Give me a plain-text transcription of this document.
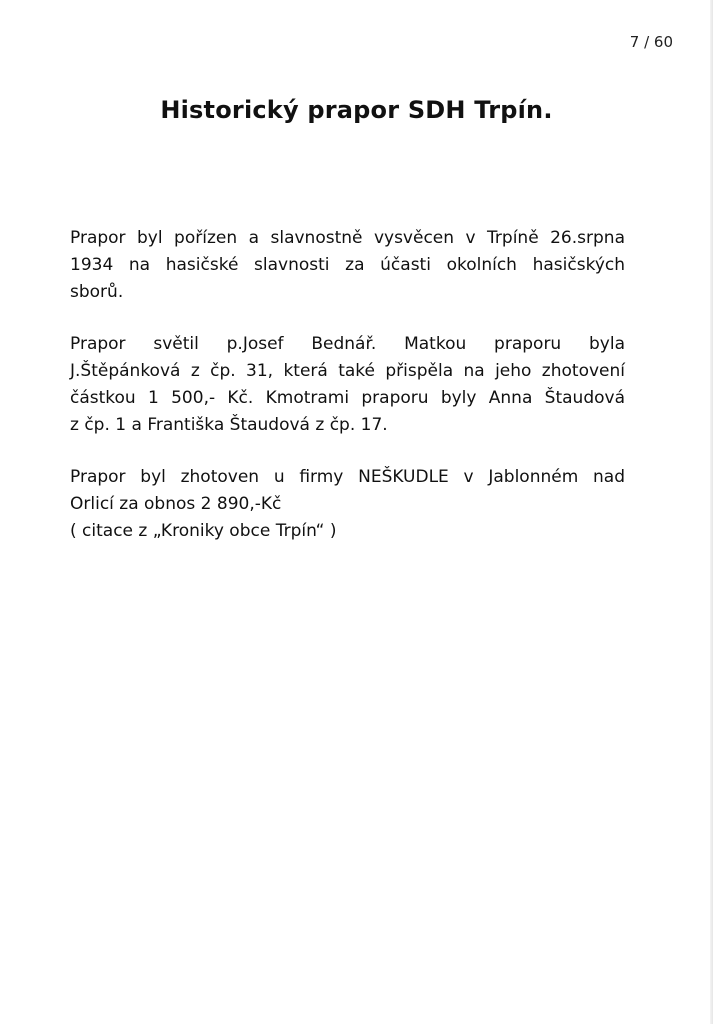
7 / 60
Historický prapor SDH Trpín.

Prapor byl pořízen a slavnostně vysvěcen v Trpíně 26.srpna
1934 na hasičské slavnosti za účasti okolních hasičských
sborů.

Prapor světil p.Josef Bednář. Matkou praporu byla
J.Štěpánková z čp. 31, která také přispěla na jeho zhotovení
částkou 1 500,- Kč. Kmotrami praporu byly Anna Štaudová
z čp. 1 a Františka Štaudová z čp. 17.

Prapor byl zhotoven u firmy NEŠKUDLE v Jablonném nad
Orlicí za obnos 2 890,-Kč
( citace z „Kroniky obce Trpín“ )
